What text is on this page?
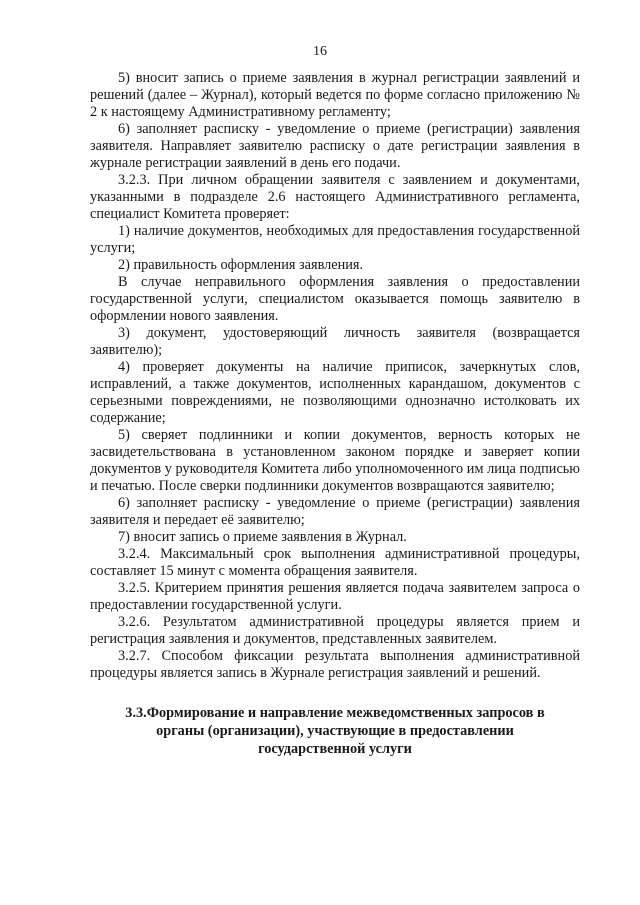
16

5) вносит запись о приеме заявления в журнал регистрации заявлений и решений (далее – Журнал), который ведется по форме согласно приложению № 2 к настоящему Административному регламенту;

6) заполняет расписку - уведомление о приеме (регистрации) заявления заявителя. Направляет заявителю расписку о дате регистрации заявления в журнале регистрации заявлений в день его подачи.

3.2.3. При личном обращении заявителя с заявлением и документами, указанными в подразделе 2.6 настоящего Административного регламента, специалист Комитета проверяет:

1) наличие документов, необходимых для предоставления государственной услуги;

2) правильность оформления заявления.

В случае неправильного оформления заявления о предоставлении государственной услуги, специалистом оказывается помощь заявителю в оформлении нового заявления.

3) документ, удостоверяющий личность заявителя (возвращается заявителю);

4) проверяет документы на наличие приписок, зачеркнутых слов, исправлений, а также документов, исполненных карандашом, документов с серьезными повреждениями, не позволяющими однозначно истолковать их содержание;

5) сверяет подлинники и копии документов, верность которых не засвидетельствована в установленном законом порядке и заверяет копии документов у руководителя Комитета либо уполномоченного им лица подписью и печатью. После сверки подлинники документов возвращаются заявителю;

6) заполняет расписку - уведомление о приеме (регистрации) заявления заявителя и передает её заявителю;

7) вносит запись о приеме заявления в Журнал.

3.2.4. Максимальный срок выполнения административной процедуры, составляет 15 минут с момента обращения заявителя.

3.2.5. Критерием принятия решения является подача заявителем запроса о предоставлении государственной услуги.

3.2.6. Результатом административной процедуры является прием и регистрация заявления и документов, представленных заявителем.

3.2.7. Способом фиксации результата выполнения административной процедуры является запись в Журнале регистрация заявлений и решений.

3.3.Формирование и направление межведомственных запросов в
органы (организации), участвующие в предоставлении
государственной услуги
